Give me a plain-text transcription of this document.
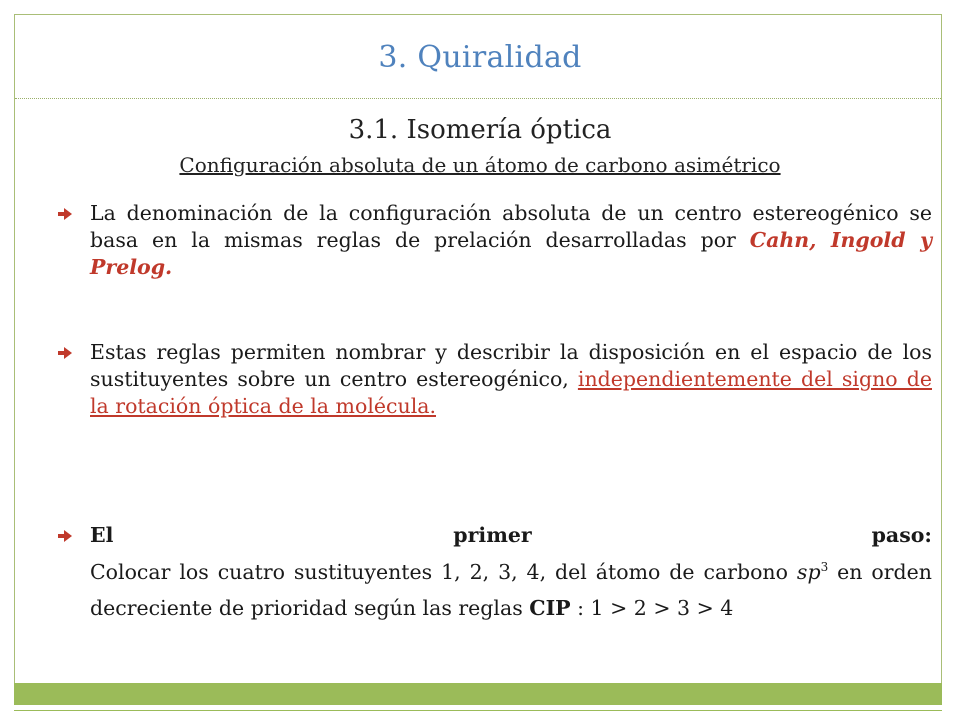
3. Quiralidad
3.1. Isomería óptica
Configuración absoluta de un átomo de carbono asimétrico
La denominación de la configuración absoluta de un centro estereogénico se basa en la mismas reglas de prelación desarrolladas por Cahn, Ingold y Prelog.
Estas reglas permiten nombrar y describir la disposición en el espacio de los sustituyentes sobre un centro estereogénico, independientemente del signo de la rotación óptica de la molécula.
El	primer	paso:
Colocar los cuatro sustituyentes 1, 2, 3, 4, del átomo de carbono $sp^3$ en orden decreciente de prioridad según las reglas CIP : 1 > 2 > 3 > 4
